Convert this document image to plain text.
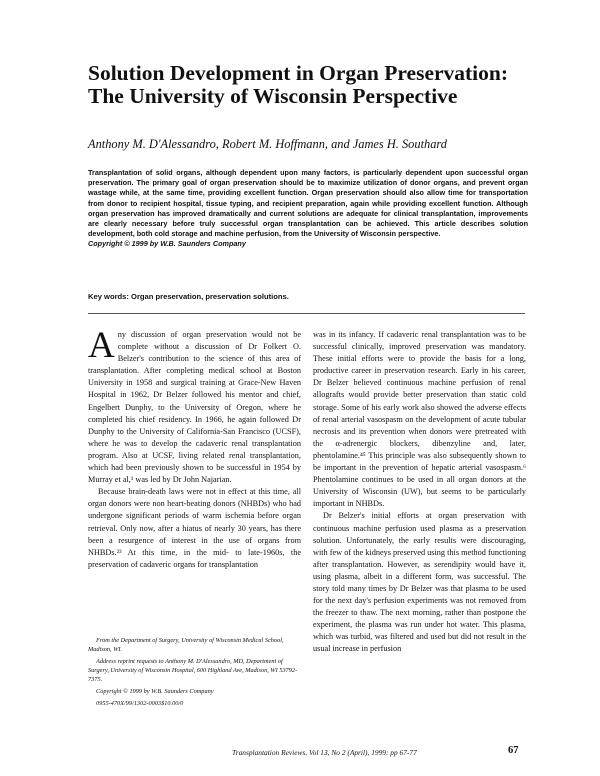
Solution Development in Organ Preservation: The University of Wisconsin Perspective

Anthony M. D'Alessandro, Robert M. Hoffmann, and James H. Southard

Transplantation of solid organs, although dependent upon many factors, is particularly dependent upon successful organ preservation. The primary goal of organ preservation should be to maximize utilization of donor organs, and prevent organ wastage while, at the same time, providing excellent function. Organ preservation should also allow time for transportation from donor to recipient hospital, tissue typing, and recipient preparation, again while providing excellent function. Although organ preservation has improved dramatically and current solutions are adequate for clinical transplantation, improvements are clearly necessary before truly successful organ transplantation can be achieved. This article describes solution development, both cold storage and machine perfusion, from the University of Wisconsin perspective.
Copyright © 1999 by W.B. Saunders Company

Key words: Organ preservation, preservation solutions.

Any discussion of organ preservation would not be complete without a discussion of Dr Folkert O. Belzer's contribution to the science of this area of transplantation. After completing medical school at Boston University in 1958 and surgical training at Grace-New Haven Hospital in 1962, Dr Belzer followed his mentor and chief, Engelbert Dunphy, to the University of Oregon, where he completed his chief residency. In 1966, he again followed Dr Dunphy to the University of California-San Francisco (UCSF), where he was to develop the cadaveric renal transplantation program. Also at UCSF, living related renal transplantation, which had been previously shown to be successful in 1954 by Murray et al,¹ was led by Dr John Najarian.

Because brain-death laws were not in effect at this time, all organ donors were non heart-beating donors (NHBDs) who had undergone significant periods of warm ischemia before organ retrieval. Only now, after a hiatus of nearly 30 years, has there been a resurgence of interest in the use of organs from NHBDs.²³ At this time, in the mid- to late-1960s, the preservation of cadaveric organs for transplantation

was in its infancy. If cadaveric renal transplantation was to be successful clinically, improved preservation was mandatory. These initial efforts were to provide the basis for a long, productive career in preservation research. Early in his career, Dr Belzer believed continuous machine perfusion of renal allografts would provide better preservation than static cold storage. Some of his early work also showed the adverse effects of renal arterial vasospasm on the development of acute tubular necrosis and its prevention when donors were pretreated with the α-adrenergic blockers, dibenzyline and, later, phentolamine.⁴⁵ This principle was also subsequently shown to be important in the prevention of hepatic arterial vasospasm.⁶ Phentolamine continues to be used in all organ donors at the University of Wisconsin (UW), but seems to be particularly important in NHBDs.

Dr Belzer's initial efforts at organ preservation with continuous machine perfusion used plasma as a preservation solution. Unfortunately, the early results were discouraging, with few of the kidneys preserved using this method functioning after transplantation. However, as serendipity would have it, using plasma, albeit in a different form, was successful. The story told many times by Dr Belzer was that plasma to be used for the next day's perfusion experiments was not removed from the freezer to thaw. The next morning, rather than postpone the experiment, the plasma was run under hot water. This plasma, which was turbid, was filtered and used but did not result in the usual increase in perfusion

From the Department of Surgery, University of Wisconsin Medical School, Madison, WI.

Address reprint requests to Anthony M. D'Alessandro, MD, Department of Surgery, University of Wisconsin Hospital, 600 Highland Ave, Madison, WI 53792-7375.

Copyright © 1999 by W.B. Saunders Company

0955-470X/99/1302-0003$10.00/0

Transplantation Reviews, Vol 13, No 2 (April), 1999: pp 67-77	67
